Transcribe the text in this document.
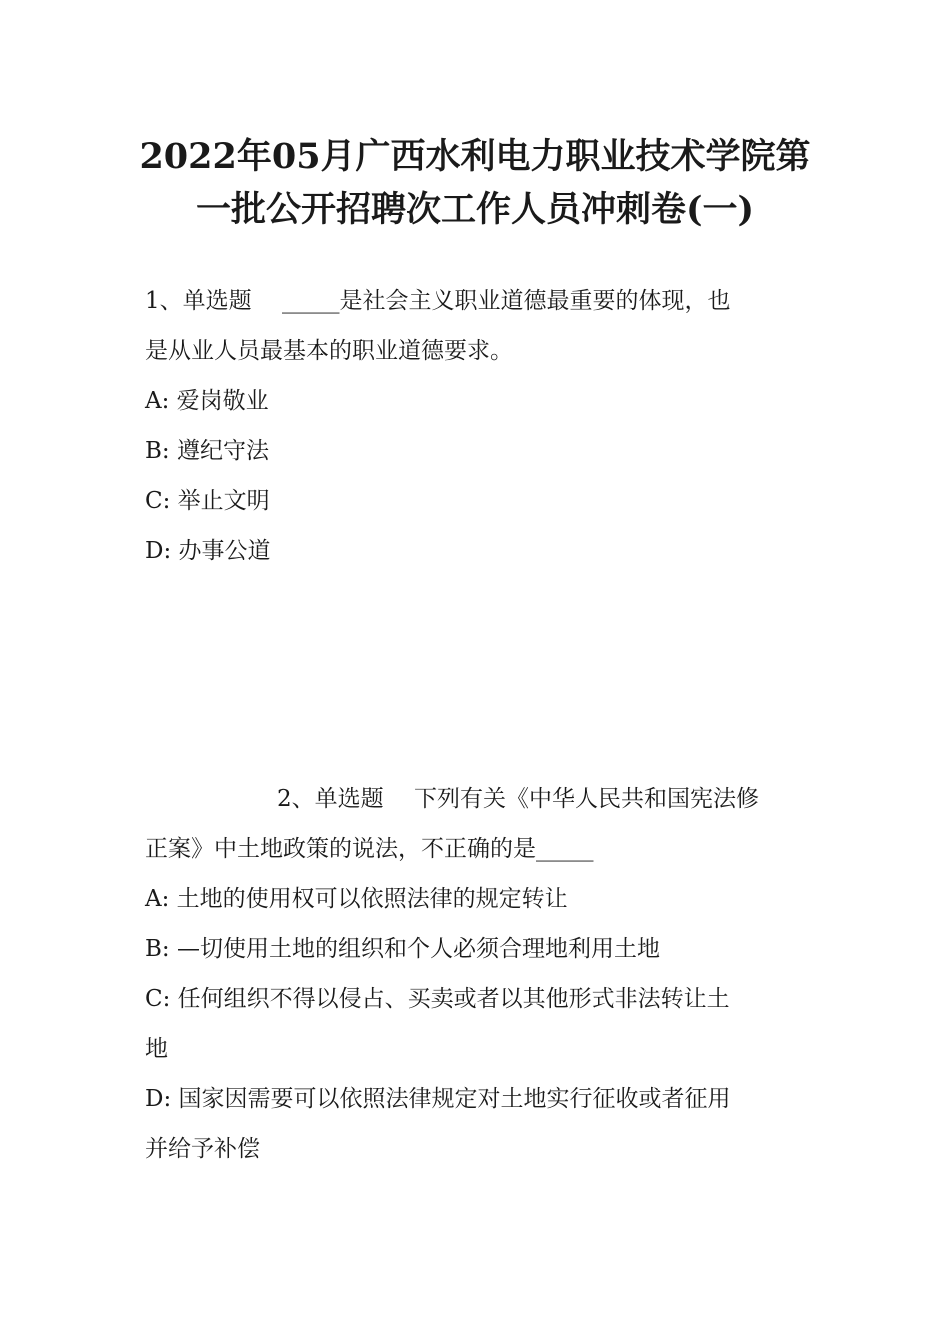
2022年05月广西水利电力职业技术学院第
一批公开招聘次工作人员冲刺卷(一)
1、单选题　 _____是社会主义职业道德最重要的体现，也
是从业人员最基本的职业道德要求。
A: 爱岗敬业
B: 遵纪守法
C: 举止文明
D: 办事公道
2、单选题　 下列有关《中华人民共和国宪法修
正案》中土地政策的说法，不正确的是_____
A: 土地的使用权可以依照法律的规定转让
B: —切使用土地的组织和个人必须合理地利用土地
C: 任何组织不得以侵占、买卖或者以其他形式非法转让土
地
D: 国家因需要可以依照法律规定对土地实行征收或者征用
并给予补偿
